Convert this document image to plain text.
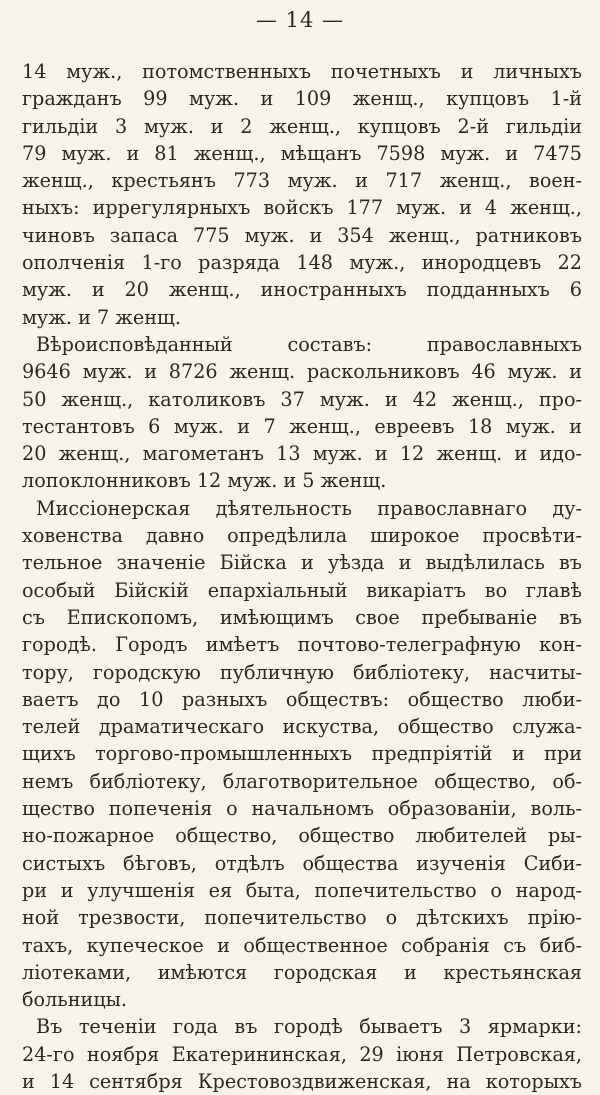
— 14 —
14 муж., потомственныхъ почетныхъ и личныхъ
гражданъ 99 муж. и 109 женщ., купцовъ 1-й
гильдіи 3 муж. и 2 женщ., купцовъ 2-й гильдіи
79 муж. и 81 женщ., мѣщанъ 7598 муж. и 7475
женщ., крестьянъ 773 муж. и 717 женщ., воен-
ныхъ: иррегулярныхъ войскъ 177 муж. и 4 женщ.,
чиновъ запаса 775 муж. и 354 женщ., ратниковъ
ополченія 1-го разряда 148 муж., инородцевъ 22
муж. и 20 женщ., иностранныхъ подданныхъ 6
муж. и 7 женщ.
Вѣроисповѣданный составъ: православныхъ
9646 муж. и 8726 женщ. раскольниковъ 46 муж. и
50 женщ., католиковъ 37 муж. и 42 женщ., про-
тестантовъ 6 муж. и 7 женщ., евреевъ 18 муж. и
20 женщ., магометанъ 13 муж. и 12 женщ. и идо-
лопоклонниковъ 12 муж. и 5 женщ.
Миссіонерская дѣятельность православнаго ду-
ховенства давно опредѣлила широкое просвѣти-
тельное значеніе Бійска и уѣзда и выдѣлилась въ
особый Бійскій епархіальный викаріатъ во главѣ
съ Епископомъ, имѣющимъ свое пребываніе въ
городѣ. Городъ имѣетъ почтово-телеграфную кон-
тору, городскую публичную библіотеку, насчиты-
ваетъ до 10 разныхъ обществъ: общество люби-
телей драматическаго искуства, общество служа-
щихъ торгово-промышленныхъ предпріятій и при
немъ библіотеку, благотворительное общество, об-
щество попеченія о начальномъ образованіи, воль-
но-пожарное общество, общество любителей ры-
систыхъ бѣговъ, отдѣлъ общества изученія Сиби-
ри и улучшенія ея быта, попечительство о народ-
ной трезвости, попечительство о дѣтскихъ прію-
тахъ, купеческое и общественное собранія съ биб-
ліотеками, имѣются городская и крестьянская
больницы.
Въ теченіи года въ городѣ бываетъ 3 ярмарки:
24-го ноября Екатерининская, 29 іюня Петровская,
и 14 сентября Крестовоздвиженская, на которыхъ
